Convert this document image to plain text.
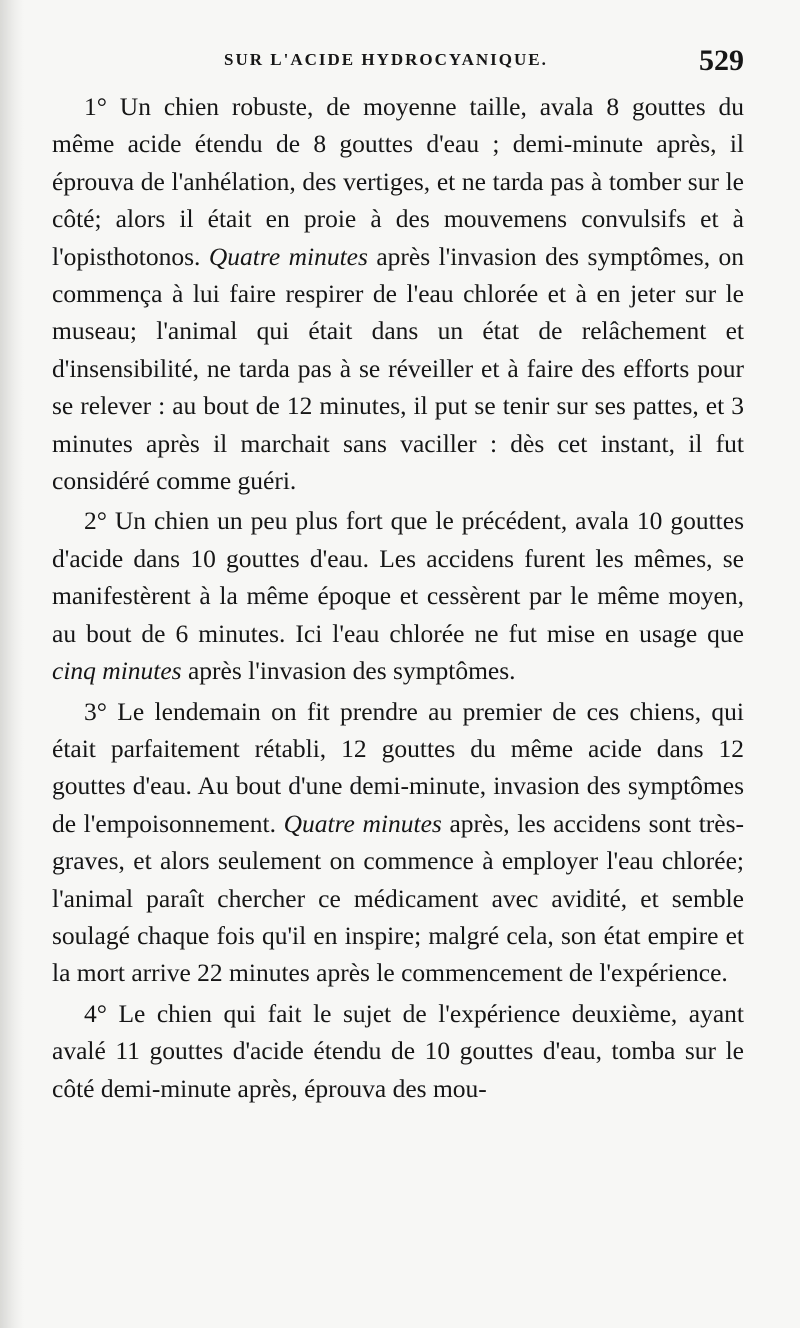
SUR L'ACIDE HYDROCYANIQUE.	529

1° Un chien robuste, de moyenne taille, avala 8 gouttes du même acide étendu de 8 gouttes d'eau ; demi-minute après, il éprouva de l'anhélation, des vertiges, et ne tarda pas à tomber sur le côté; alors il était en proie à des mouvemens convulsifs et à l'opisthotonos. Quatre minutes après l'invasion des symptômes, on commença à lui faire respirer de l'eau chlorée et à en jeter sur le museau; l'animal qui était dans un état de relâchement et d'insensibilité, ne tarda pas à se réveiller et à faire des efforts pour se relever : au bout de 12 minutes, il put se tenir sur ses pattes, et 3 minutes après il marchait sans vaciller : dès cet instant, il fut considéré comme guéri.

2° Un chien un peu plus fort que le précédent, avala 10 gouttes d'acide dans 10 gouttes d'eau. Les accidens furent les mêmes, se manifestèrent à la même époque et cessèrent par le même moyen, au bout de 6 minutes. Ici l'eau chlorée ne fut mise en usage que cinq minutes après l'invasion des symptômes.

3° Le lendemain on fit prendre au premier de ces chiens, qui était parfaitement rétabli, 12 gouttes du même acide dans 12 gouttes d'eau. Au bout d'une demi-minute, invasion des symptômes de l'empoisonnement. Quatre minutes après, les accidens sont très-graves, et alors seulement on commence à employer l'eau chlorée; l'animal paraît chercher ce médicament avec avidité, et semble soulagé chaque fois qu'il en inspire; malgré cela, son état empire et la mort arrive 22 minutes après le commencement de l'expérience.

4° Le chien qui fait le sujet de l'expérience deuxième, ayant avalé 11 gouttes d'acide étendu de 10 gouttes d'eau, tomba sur le côté demi-minute après, éprouva des mou-
